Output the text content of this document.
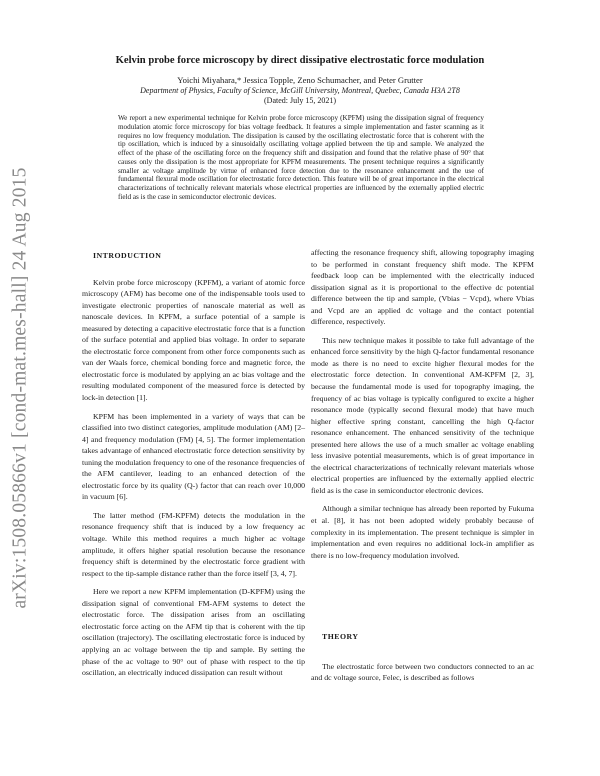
arXiv:1508.05866v1 [cond-mat.mes-hall] 24 Aug 2015
Kelvin probe force microscopy by direct dissipative electrostatic force modulation
Yoichi Miyahara,* Jessica Topple, Zeno Schumacher, and Peter Grutter
Department of Physics, Faculty of Science, McGill University, Montreal, Quebec, Canada H3A 2T8
(Dated: July 15, 2021)

We report a new experimental technique for Kelvin probe force microscopy (KPFM) using the dissipation signal of frequency modulation atomic force microscopy for bias voltage feedback. It features a simple implementation and faster scanning as it requires no low frequency modulation. The dissipation is caused by the oscillating electrostatic force that is coherent with the tip oscillation, which is induced by a sinusoidally oscillating voltage applied between the tip and sample. We analyzed the effect of the phase of the oscillating force on the frequency shift and dissipation and found that the relative phase of 90° that causes only the dissipation is the most appropriate for KPFM measurements. The present technique requires a significantly smaller ac voltage amplitude by virtue of enhanced force detection due to the resonance enhancement and the use of fundamental flexural mode oscillation for electrostatic force detection. This feature will be of great importance in the electrical characterizations of technically relevant materials whose electrical properties are influenced by the externally applied electric field as is the case in semiconductor electronic devices.

INTRODUCTION

Kelvin probe force microscopy (KPFM), a variant of atomic force microscopy (AFM) has become one of the indispensable tools used to investigate electronic properties of nanoscale material as well as nanoscale devices. In KPFM, a surface potential of a sample is measured by detecting a capacitive electrostatic force that is a function of the surface potential and applied bias voltage. In order to separate the electrostatic force component from other force components such as van der Waals force, chemical bonding force and magnetic force, the electrostatic force is modulated by applying an ac bias voltage and the resulting modulated component of the measured force is detected by lock-in detection [1].

KPFM has been implemented in a variety of ways that can be classified into two distinct categories, amplitude modulation (AM) [2–4] and frequency modulation (FM) [4, 5]. The former implementation takes advantage of enhanced electrostatic force detection sensitivity by tuning the modulation frequency to one of the resonance frequencies of the AFM cantilever, leading to an enhanced detection of the electrostatic force by its quality (Q-) factor that can reach over 10,000 in vacuum [6].

The latter method (FM-KPFM) detects the modulation in the resonance frequency shift that is induced by a low frequency ac voltage. While this method requires a much higher ac voltage amplitude, it offers higher spatial resolution because the resonance frequency shift is determined by the electrostatic force gradient with respect to the tip-sample distance rather than the force itself [3, 4, 7].

Here we report a new KPFM implementation (D-KPFM) using the dissipation signal of conventional FM-AFM systems to detect the electrostatic force. The dissipation arises from an oscillating electrostatic force acting on the AFM tip that is coherent with the tip oscillation (trajectory). The oscillating electrostatic force is induced by applying an ac voltage between the tip and sample. By setting the phase of the ac voltage to 90° out of phase with respect to the tip oscillation, an electrically induced dissipation can result without

affecting the resonance frequency shift, allowing topography imaging to be performed in constant frequency shift mode. The KPFM feedback loop can be implemented with the electrically induced dissipation signal as it is proportional to the effective dc potential difference between the tip and sample, (Vbias − Vcpd), where Vbias and Vcpd are an applied dc voltage and the contact potential difference, respectively.

This new technique makes it possible to take full advantage of the enhanced force sensitivity by the high Q-factor fundamental resonance mode as there is no need to excite higher flexural modes for the electrostatic force detection. In conventional AM-KPFM [2, 3], because the fundamental mode is used for topography imaging, the frequency of ac bias voltage is typically configured to excite a higher resonance mode (typically second flexural mode) that have much higher effective spring constant, cancelling the high Q-factor resonance enhancement. The enhanced sensitivity of the technique presented here allows the use of a much smaller ac voltage enabling less invasive potential measurements, which is of great importance in the electrical characterizations of technically relevant materials whose electrical properties are influenced by the externally applied electric field as is the case in semiconductor electronic devices.

Although a similar technique has already been reported by Fukuma et al. [8], it has not been adopted widely probably because of complexity in its implementation. The present technique is simpler in implementation and even requires no additional lock-in amplifier as there is no low-frequency modulation involved.

THEORY

The electrostatic force between two conductors connected to an ac and dc voltage source, Felec, is described as follows
